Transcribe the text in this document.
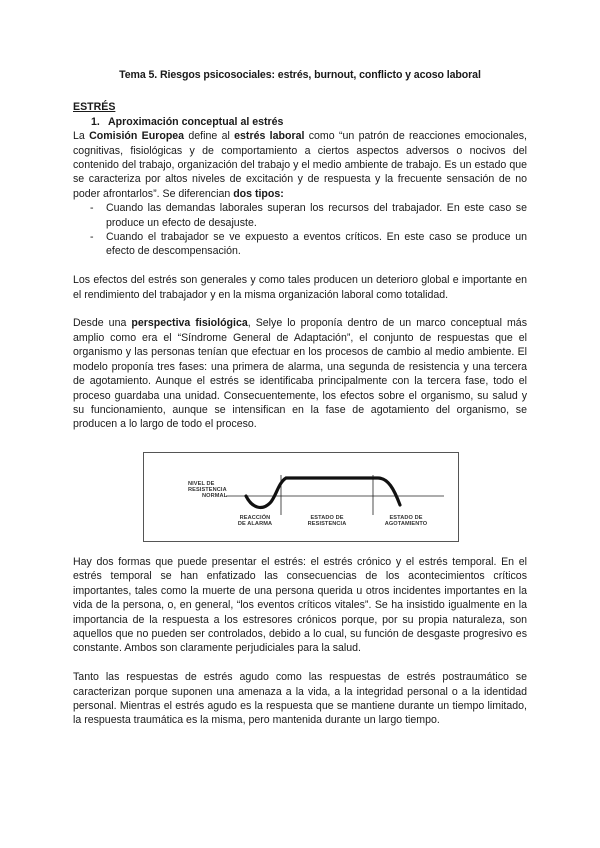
Tema 5. Riesgos psicosociales: estrés, burnout, conflicto y acoso laboral

ESTRÉS

1. Aproximación conceptual al estrés

La Comisión Europea define al estrés laboral como “un patrón de reacciones emocionales, cognitivas, fisiológicas y de comportamiento a ciertos aspectos adversos o nocivos del contenido del trabajo, organización del trabajo y el medio ambiente de trabajo. Es un estado que se caracteriza por altos niveles de excitación y de respuesta y la frecuente sensación de no poder afrontarlos”. Se diferencian dos tipos:

- Cuando las demandas laborales superan los recursos del trabajador. En este caso se produce un efecto de desajuste.
- Cuando el trabajador se ve expuesto a eventos críticos. En este caso se produce un efecto de descompensación.

Los efectos del estrés son generales y como tales producen un deterioro global e importante en el rendimiento del trabajador y en la misma organización laboral como totalidad.

Desde una perspectiva fisiológica, Selye lo proponía dentro de un marco conceptual más amplio como era el “Síndrome General de Adaptación”, el conjunto de respuestas que el organismo y las personas tenían que efectuar en los procesos de cambio al medio ambiente. El modelo proponía tres fases: una primera de alarma, una segunda de resistencia y una tercera de agotamiento. Aunque el estrés se identificaba principalmente con la tercera fase, todo el proceso guardaba una unidad. Consecuentemente, los efectos sobre el organismo, su salud y su funcionamiento, aunque se intensifican en la fase de agotamiento del organismo, se producen a lo largo de todo el proceso.

NIVEL DE
RESISTENCIA
NORMAL
REACCIÓN
DE ALARMA
ESTADO DE
RESISTENCIA
ESTADO DE
AGOTAMIENTO

Hay dos formas que puede presentar el estrés: el estrés crónico y el estrés temporal. En el estrés temporal se han enfatizado las consecuencias de los acontecimientos críticos importantes, tales como la muerte de una persona querida u otros incidentes importantes en la vida de la persona, o, en general, “los eventos críticos vitales”. Se ha insistido igualmente en la importancia de la respuesta a los estresores crónicos porque, por su propia naturaleza, son aquellos que no pueden ser controlados, debido a lo cual, su función de desgaste progresivo es constante. Ambos son claramente perjudiciales para la salud.

Tanto las respuestas de estrés agudo como las respuestas de estrés postraumático se caracterizan porque suponen una amenaza a la vida, a la integridad personal o a la identidad personal. Mientras el estrés agudo es la respuesta que se mantiene durante un tiempo limitado, la respuesta traumática es la misma, pero mantenida durante un largo tiempo.
